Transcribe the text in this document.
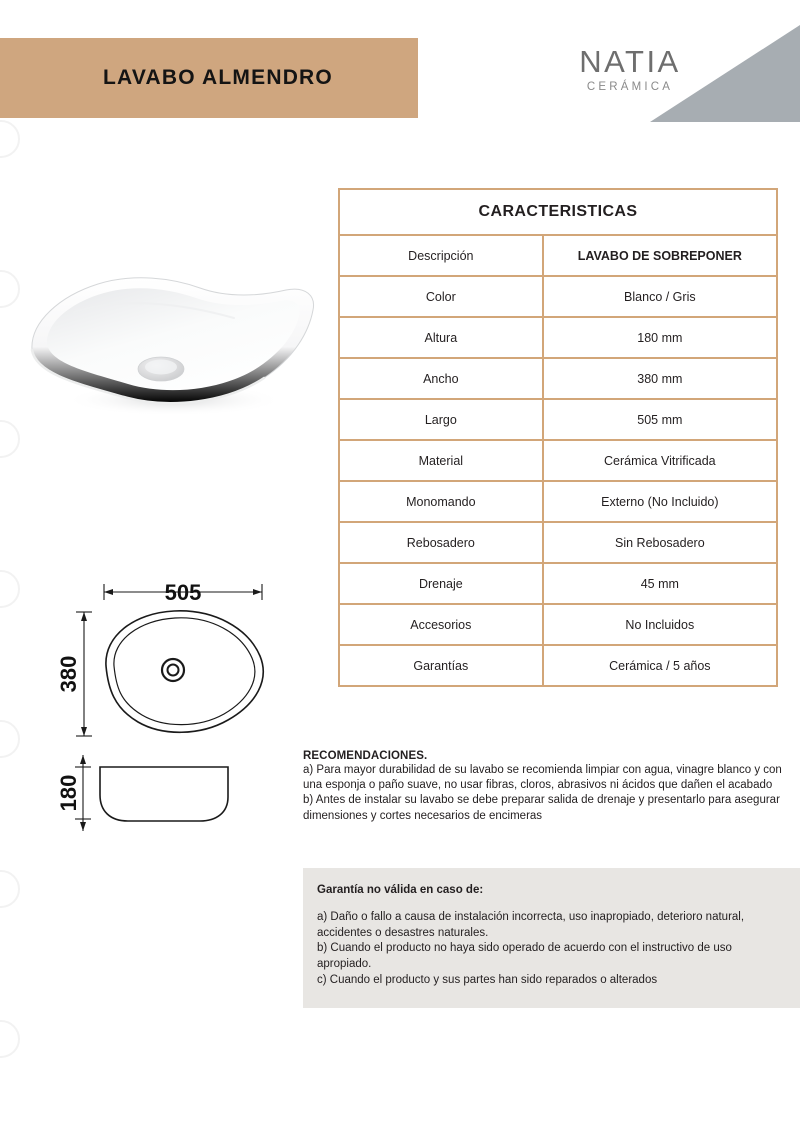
LAVABO ALMENDRO	NATIA
CERÁMICA
CARACTERISTICAS	
Descripción	LAVABO DE SOBREPONER
Color	Blanco / Gris
Altura	180 mm
Ancho	380 mm
Largo	505 mm
Material	Cerámica Vitrificada
Monomando	Externo (No Incluido)
Rebosadero	Sin Rebosadero
Drenaje	45 mm
Accesorios	No Incluidos
Garantías	Cerámica / 5 años
505
380
180

RECOMENDACIONES.

a) Para mayor durabilidad de su lavabo se recomienda limpiar con agua, vinagre blanco y con una esponja o paño suave, no usar fibras, cloros, abrasivos ni ácidos que dañen el acabado

b) Antes de instalar su lavabo se debe preparar salida de drenaje y presentarlo para asegurar dimensiones y cortes necesarios de encimeras

Garantía no válida en caso de:

a) Daño o fallo a causa de instalación incorrecta, uso inapropiado, deterioro natural, accidentes o desastres naturales.

b) Cuando el producto no haya sido operado de acuerdo con el instructivo de uso apropiado.

c) Cuando el producto y sus partes han sido reparados o alterados
